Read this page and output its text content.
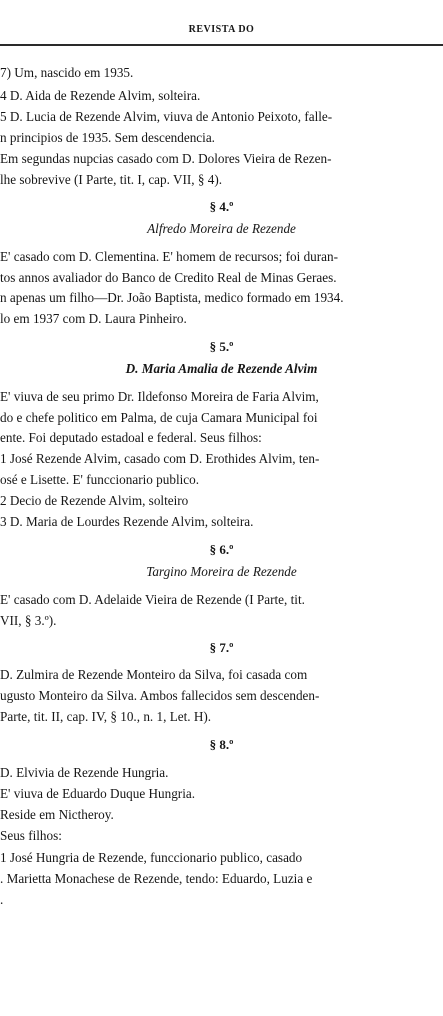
REVISTA DO
7) Um, nascido em 1935.
4 D. Aida de Rezende Alvim, solteira.
5 D. Lucia de Rezende Alvim, viuva de Antonio Peixoto, falle-
n principios de 1935. Sem descendencia.
Em segundas nupcias casado com D. Dolores Vieira de Rezen-
lhe sobrevive (I Parte, tit. I, cap. VII, § 4).
§ 4.º
Alfredo Moreira de Rezende
E' casado com D. Clementina. E' homem de recursos; foi duran-
tos annos avaliador do Banco de Credito Real de Minas Geraes.
n apenas um filho—Dr. João Baptista, medico formado em 1934.
lo em 1937 com D. Laura Pinheiro.
§ 5.º
D. Maria Amalia de Rezende Alvim
E' viuva de seu primo Dr. Ildefonso Moreira de Faria Alvim,
do e chefe politico em Palma, de cuja Camara Municipal foi
ente. Foi deputado estadoal e federal. Seus filhos:
1 José Rezende Alvim, casado com D. Erothides Alvim, ten-
osé e Lisette. E' funccionario publico.
2 Decio de Rezende Alvim, solteiro
3 D. Maria de Lourdes Rezende Alvim, solteira.
§ 6.º
Targino Moreira de Rezende
E' casado com D. Adelaide Vieira de Rezende (I Parte, tit.
VII, § 3.º).
§ 7.º
D. Zulmira de Rezende Monteiro da Silva, foi casada com
ugusto Monteiro da Silva. Ambos fallecidos sem descenden-
Parte, tit. II, cap. IV, § 10., n. 1, Let. H).
§ 8.º
D. Elvivia de Rezende Hungria.
E' viuva de Eduardo Duque Hungria.
Reside em Nictheroy.
Seus filhos:
1 José Hungria de Rezende, funccionario publico, casado
. Marietta Monachese de Rezende, tendo: Eduardo, Luzia e
.
